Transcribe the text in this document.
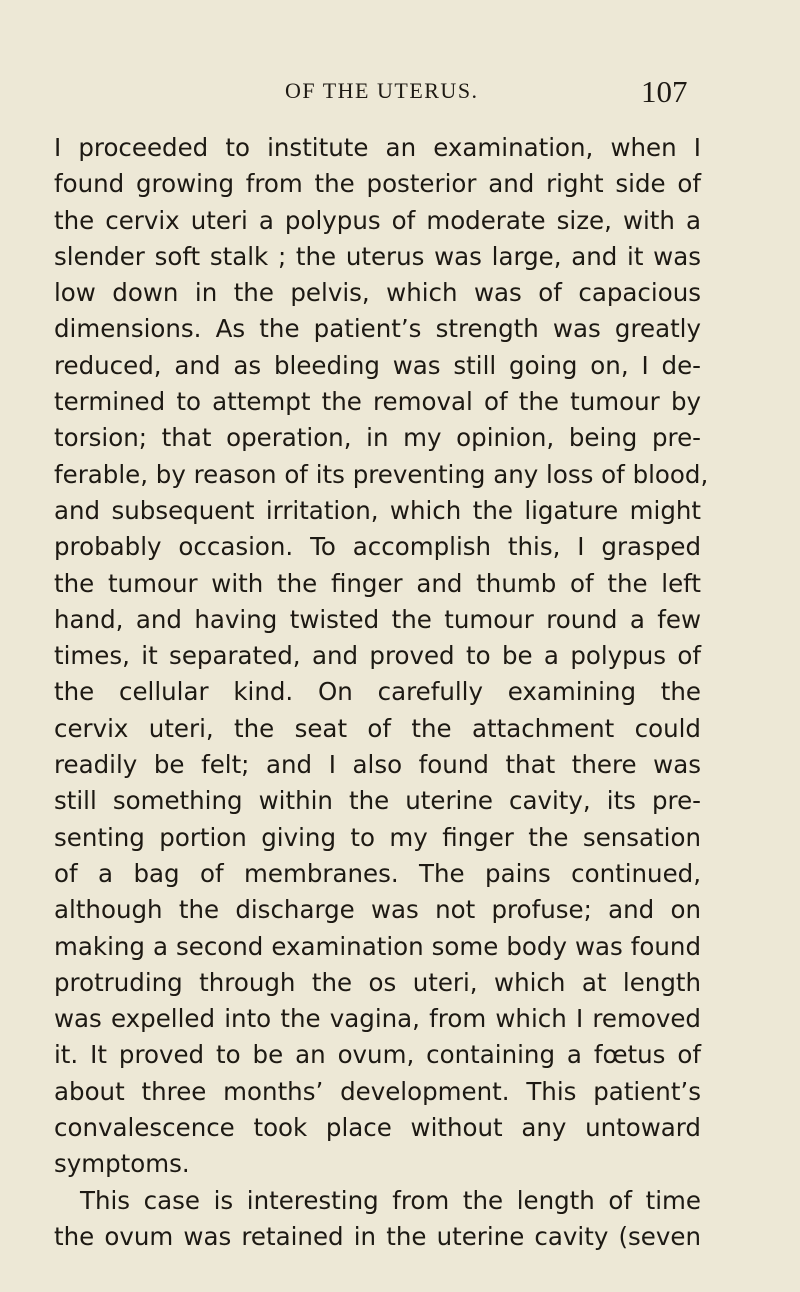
OF THE UTERUS.	107
I proceeded to institute an examination, when I
found growing from the posterior and right side of
the cervix uteri a polypus of moderate size, with a
slender soft stalk ; the uterus was large, and it was
low down in the pelvis, which was of capacious
dimensions. As the patient’s strength was greatly
reduced, and as bleeding was still going on, I de-
termined to attempt the removal of the tumour by
torsion; that operation, in my opinion, being pre-
ferable, by reason of its preventing any loss of blood,
and subsequent irritation, which the ligature might
probably occasion. To accomplish this, I grasped
the tumour with the finger and thumb of the left
hand, and having twisted the tumour round a few
times, it separated, and proved to be a polypus of
the cellular kind. On carefully examining the
cervix uteri, the seat of the attachment could
readily be felt; and I also found that there was
still something within the uterine cavity, its pre-
senting portion giving to my finger the sensation
of a bag of membranes. The pains continued,
although the discharge was not profuse; and on
making a second examination some body was found
protruding through the os uteri, which at length
was expelled into the vagina, from which I removed
it. It proved to be an ovum, containing a fœtus of
about three months’ development. This patient’s
convalescence took place without any untoward
symptoms.
This case is interesting from the length of time
the ovum was retained in the uterine cavity (seven
